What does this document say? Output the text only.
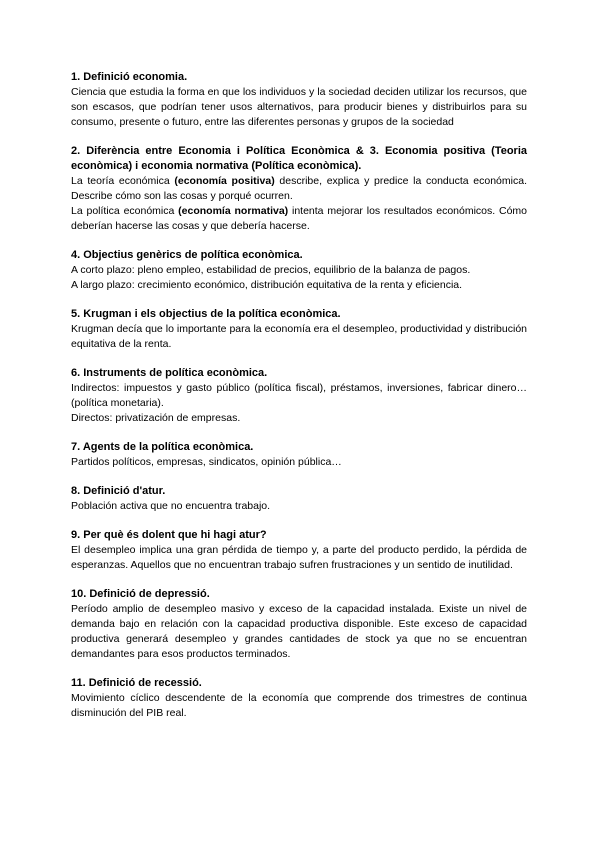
1. Definició economia.

Ciencia que estudia la forma en que los individuos y la sociedad deciden utilizar los recursos, que son escasos, que podrían tener usos alternativos, para producir bienes y distribuirlos para su consumo, presente o futuro, entre las diferentes personas y grupos de la sociedad

2. Diferència entre Economia i Política Econòmica & 3. Economia positiva (Teoria econòmica) i economia normativa (Política econòmica).

La teoría económica (economía positiva) describe, explica y predice la conducta económica. Describe cómo son las cosas y porqué ocurren.

La política económica (economía normativa) intenta mejorar los resultados económicos. Cómo deberían hacerse las cosas y que debería hacerse.

4. Objectius genèrics de política econòmica.

A corto plazo: pleno empleo, estabilidad de precios, equilibrio de la balanza de pagos.

A largo plazo: crecimiento económico, distribución equitativa de la renta y eficiencia.

5. Krugman i els objectius de la política econòmica.

Krugman decía que lo importante para la economía era el desempleo, productividad y distribución equitativa de la renta.

6. Instruments de política econòmica.

Indirectos: impuestos y gasto público (política fiscal), préstamos, inversiones, fabricar dinero… (política monetaria).

Directos: privatización de empresas.

7. Agents de la política econòmica.

Partidos políticos, empresas, sindicatos, opinión pública…

8. Definició d'atur.

Población activa que no encuentra trabajo.

9. Per què és dolent que hi hagi atur?

El desempleo implica una gran pérdida de tiempo y, a parte del producto perdido, la pérdida de esperanzas. Aquellos que no encuentran trabajo sufren frustraciones y un sentido de inutilidad.

10. Definició de depressió.

Período amplio de desempleo masivo y exceso de la capacidad instalada. Existe un nivel de demanda bajo en relación con la capacidad productiva disponible. Este exceso de capacidad productiva generará desempleo y grandes cantidades de stock ya que no se encuentran demandantes para esos productos terminados.

11. Definició de recessió.

Movimiento cíclico descendente de la economía que comprende dos trimestres de continua disminución del PIB real.
